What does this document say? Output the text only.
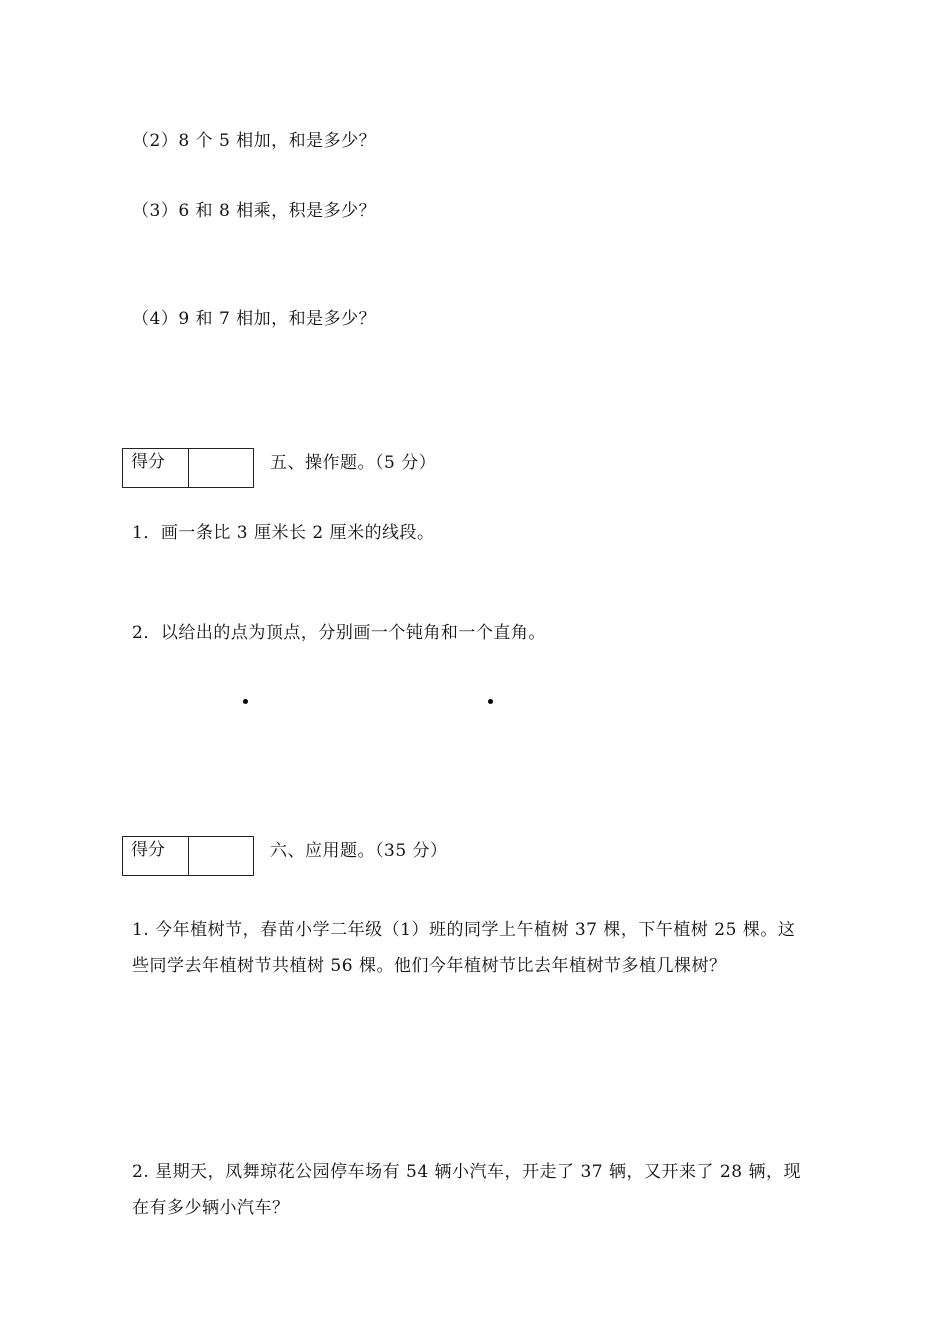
（2）8 个 5 相加，和是多少？
（3）6 和 8 相乘，积是多少？
（4）9 和 7 相加，和是多少？
得分	五、操作题。（5 分）
1．画一条比 3 厘米长 2 厘米的线段。
2．以给出的点为顶点，分别画一个钝角和一个直角。
得分	六、应用题。（35 分）
1. 今年植树节，春苗小学二年级（1）班的同学上午植树 37 棵，下午植树 25 棵。这
些同学去年植树节共植树 56 棵。他们今年植树节比去年植树节多植几棵树？
2. 星期天，凤舞琼花公园停车场有 54 辆小汽车，开走了 37 辆，又开来了 28 辆，现
在有多少辆小汽车？
